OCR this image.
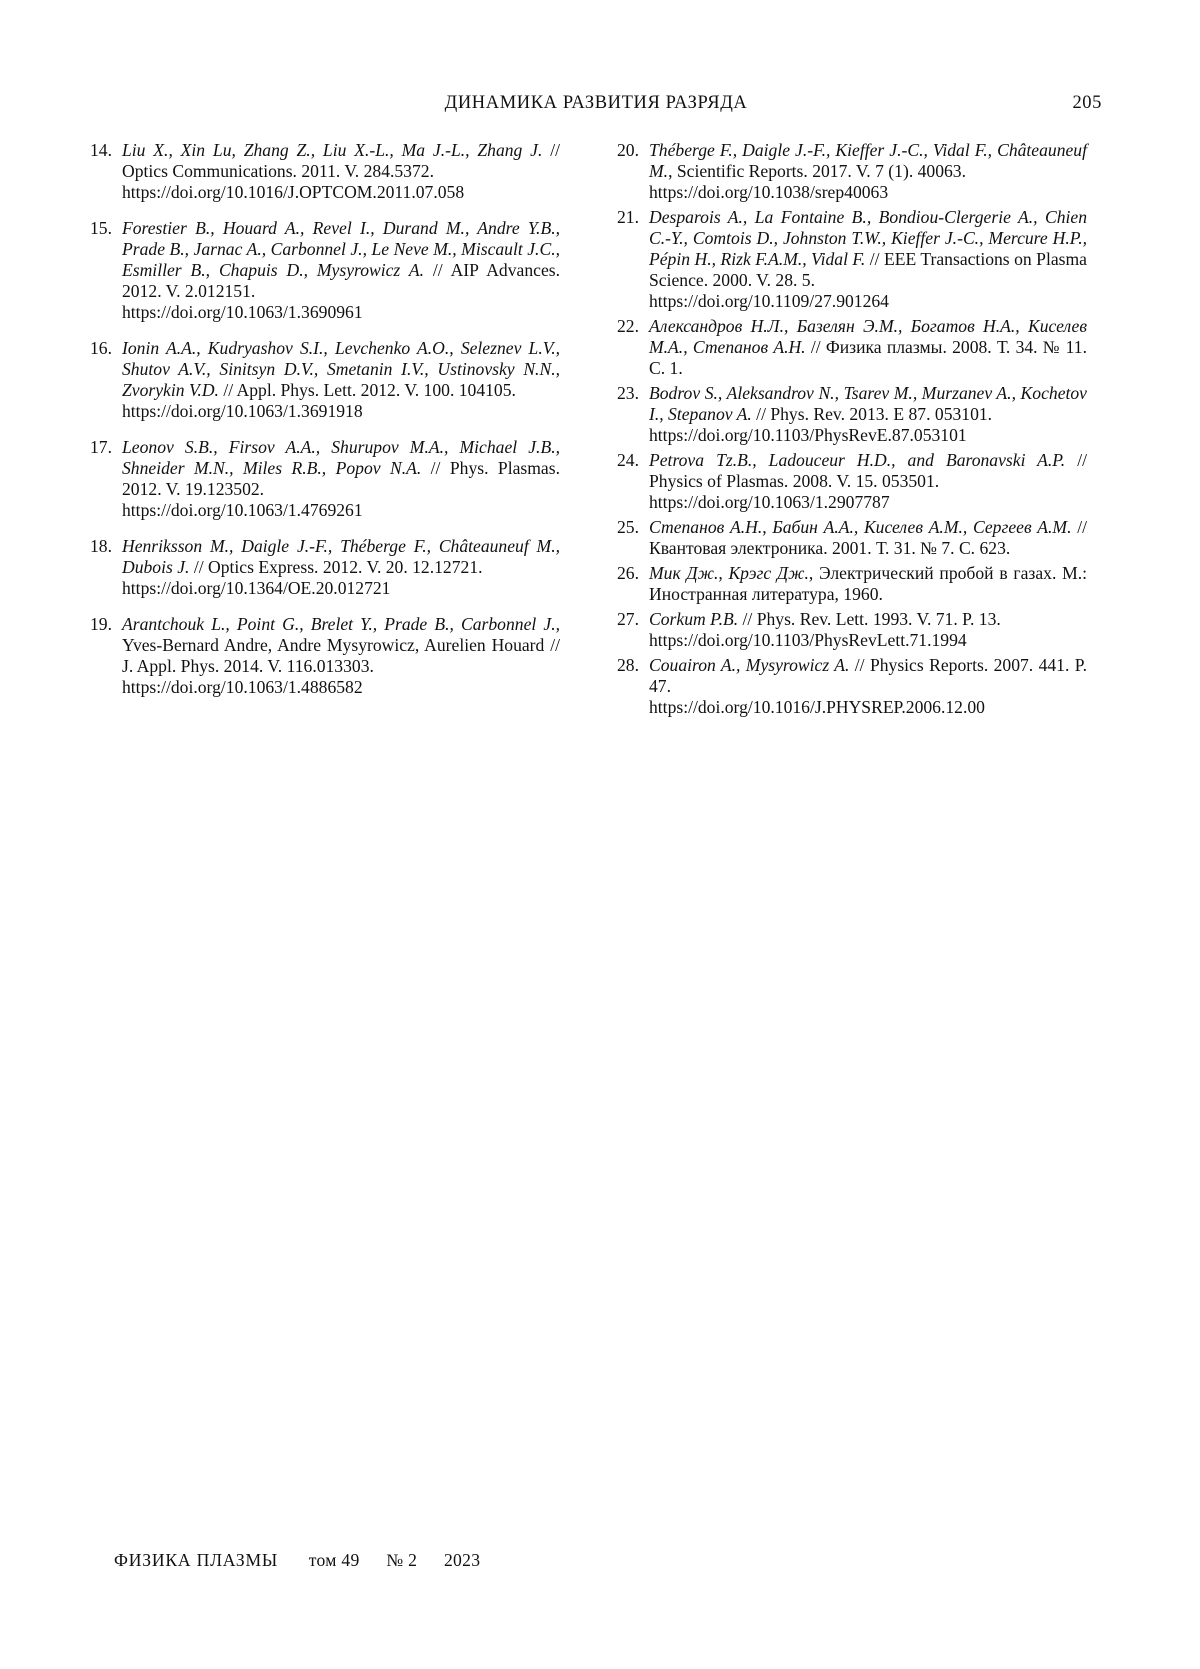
ДИНАМИКА РАЗВИТИЯ РАЗРЯДА	205

14. Liu X., Xin Lu, Zhang Z., Liu X.-L., Ma J.-L., Zhang J. // Optics Communications. 2011. V. 284.5372.
https://doi.org/10.1016/J.OPTCOM.2011.07.058

15. Forestier B., Houard A., Revel I., Durand M., Andre Y.B., Prade B., Jarnac A., Carbonnel J., Le Neve M., Miscault J.C., Esmiller B., Chapuis D., Mysyrowicz A. // AIP Advances. 2012. V. 2.012151.
https://doi.org/10.1063/1.3690961

16. Ionin A.A., Kudryashov S.I., Levchenko A.O., Seleznev L.V., Shutov A.V., Sinitsyn D.V., Smetanin I.V., Ustinovsky N.N., Zvorykin V.D. // Appl. Phys. Lett. 2012. V. 100. 104105.
https://doi.org/10.1063/1.3691918

17. Leonov S.B., Firsov A.A., Shurupov M.A., Michael J.B., Shneider M.N., Miles R.B., Popov N.A. // Phys. Plasmas. 2012. V. 19.123502.
https://doi.org/10.1063/1.4769261

18. Henriksson M., Daigle J.-F., Théberge F., Châteauneuf M., Dubois J. // Optics Express. 2012. V. 20. 12.12721.
https://doi.org/10.1364/OE.20.012721

19. Arantchouk L., Point G., Brelet Y., Prade B., Carbonnel J., Yves-Bernard Andre, Andre Mysyrowicz, Aurelien Houard // J. Appl. Phys. 2014. V. 116.013303.
https://doi.org/10.1063/1.4886582

20. Théberge F., Daigle J.-F., Kieffer J.-C., Vidal F., Châteauneuf M., Scientific Reports. 2017. V. 7 (1). 40063.
https://doi.org/10.1038/srep40063

21. Desparois A., La Fontaine B., Bondiou-Clergerie A., Chien C.-Y., Comtois D., Johnston T.W., Kieffer J.-C., Mercure H.P., Pépin H., Rizk F.A.M., Vidal F. // EEE Transactions on Plasma Science. 2000. V. 28. 5.
https://doi.org/10.1109/27.901264

22. Александров Н.Л., Базелян Э.М., Богатов Н.А., Киселев М.А., Степанов А.Н. // Физика плазмы. 2008. Т. 34. № 11. С. 1.

23. Bodrov S., Aleksandrov N., Tsarev M., Murzanev A., Kochetov I., Stepanov A. // Phys. Rev. 2013. E 87. 053101.
https://doi.org/10.1103/PhysRevE.87.053101

24. Petrova Tz.B., Ladouceur H.D., and Baronavski A.P. // Physics of Plasmas. 2008. V. 15. 053501.
https://doi.org/10.1063/1.2907787

25. Степанов А.Н., Бабин А.А., Киселев А.М., Сергеев А.М. // Квантовая электроника. 2001. Т. 31. № 7. С. 623.

26. Мик Дж., Крэгс Дж., Электрический пробой в газах. М.: Иностранная литература, 1960.

27. Corkum P.B. // Phys. Rev. Lett. 1993. V. 71. P. 13.
https://doi.org/10.1103/PhysRevLett.71.1994

28. Couairon A., Mysyrowicz A. // Physics Reports. 2007. 441. P. 47.
https://doi.org/10.1016/J.PHYSREP.2006.12.00

ФИЗИКА ПЛАЗМЫ том 49 № 2 2023
